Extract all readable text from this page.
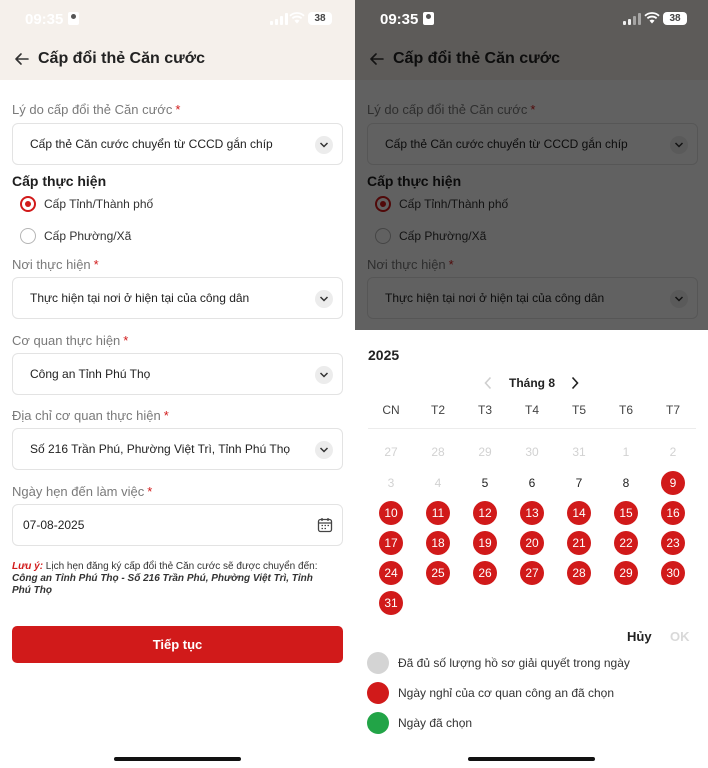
09:35	38
Cấp đổi thẻ Căn cước
Lý do cấp đổi thẻ Căn cước *
Cấp thẻ Căn cước chuyển từ CCCD gắn chíp
Cấp thực hiện
Cấp Tỉnh/Thành phố
Cấp Phường/Xã
Nơi thực hiện *
Thực hiện tại nơi ở hiện tại của công dân
Cơ quan thực hiện *
Công an Tỉnh Phú Thọ
Địa chỉ cơ quan thực hiện *
Số 216 Trần Phú, Phường Việt Trì, Tỉnh Phú Thọ
Ngày hẹn đến làm việc *
07-08-2025
Lưu ý: Lịch hẹn đăng ký cấp đổi thẻ Căn cước sẽ được chuyển đến:
Công an Tỉnh Phú Thọ - Số 216 Trần Phú, Phường Việt Trì, Tỉnh Phú Thọ
Tiếp tục
09:35	38
2025
Tháng 8
CN	T2	T3	T4	T5	T6	T7
27	28	29	30	31	1	2
3	4	5	6	7	8	9
10	11	12	13	14	15	16
17	18	19	20	21	22	23
24	25	26	27	28	29	30
31
Hủy OK
Đã đủ số lượng hồ sơ giải quyết trong ngày
Ngày nghỉ của cơ quan công an đã chọn
Ngày đã chọn
